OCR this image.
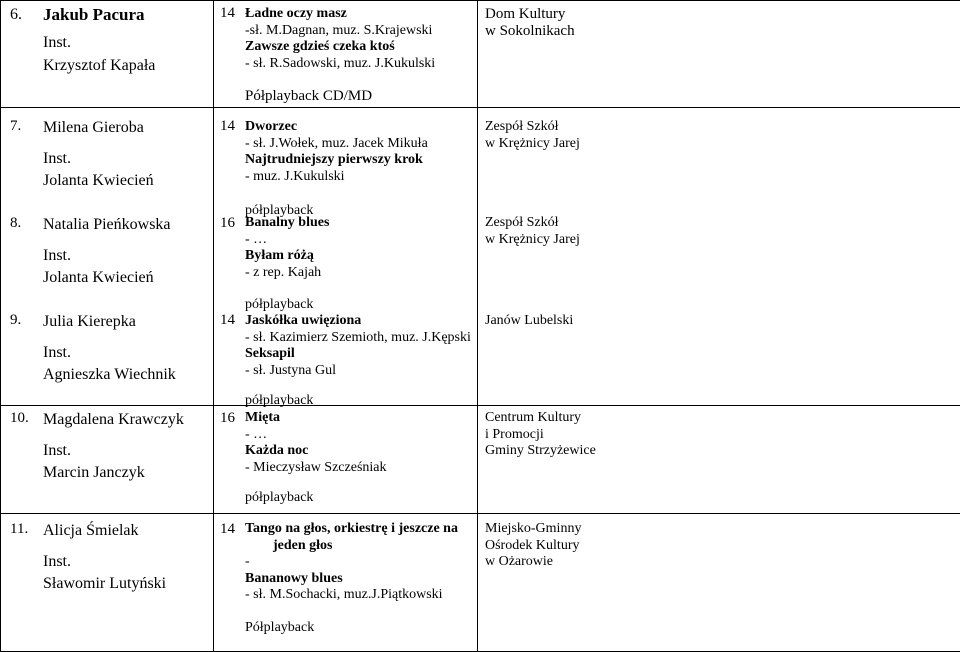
6. Jakub Pacura
Inst.
Krzysztof Kapała
14 Ładne oczy masz
-sł. M.Dagnan, muz. S.Krajewski
Zawsze gdzieś czeka ktoś
- sł. R.Sadowski, muz. J.Kukulski
Półplayback CD/MD
Dom Kultury
w Sokolnikach
7. Milena Gieroba
Inst.
Jolanta Kwiecień
14 Dworzec
- sł. J.Wołek, muz. Jacek Mikuła
Najtrudniejszy pierwszy krok
- muz. J.Kukulski
półplayback
Zespół Szkół
w Krężnicy Jarej
8. Natalia Pieńkowska
Inst.
Jolanta Kwiecień
16 Banalny blues
- …
Byłam różą
- z rep. Kajah
półplayback
Zespół Szkół
w Krężnicy Jarej
9. Julia Kierepka
Inst.
Agnieszka Wiechnik
14 Jaskółka uwięziona
- sł. Kazimierz Szemioth, muz. J.Kępski
Seksapil
- sł. Justyna Gul
półplayback
Janów Lubelski
10. Magdalena Krawczyk
Inst.
Marcin Janczyk
16 Mięta
- …
Każda noc
- Mieczysław Szcześniak
półplayback
Centrum Kultury
i Promocji
Gminy Strzyżewice
11. Alicja Śmielak
Inst.
Sławomir Lutyński
14 Tango na głos, orkiestrę i jeszcze na
jeden głos
-
Bananowy blues
- sł. M.Sochacki, muz.J.Piątkowski
Półplayback
Miejsko-Gminny
Ośrodek Kultury
w Ożarowie
